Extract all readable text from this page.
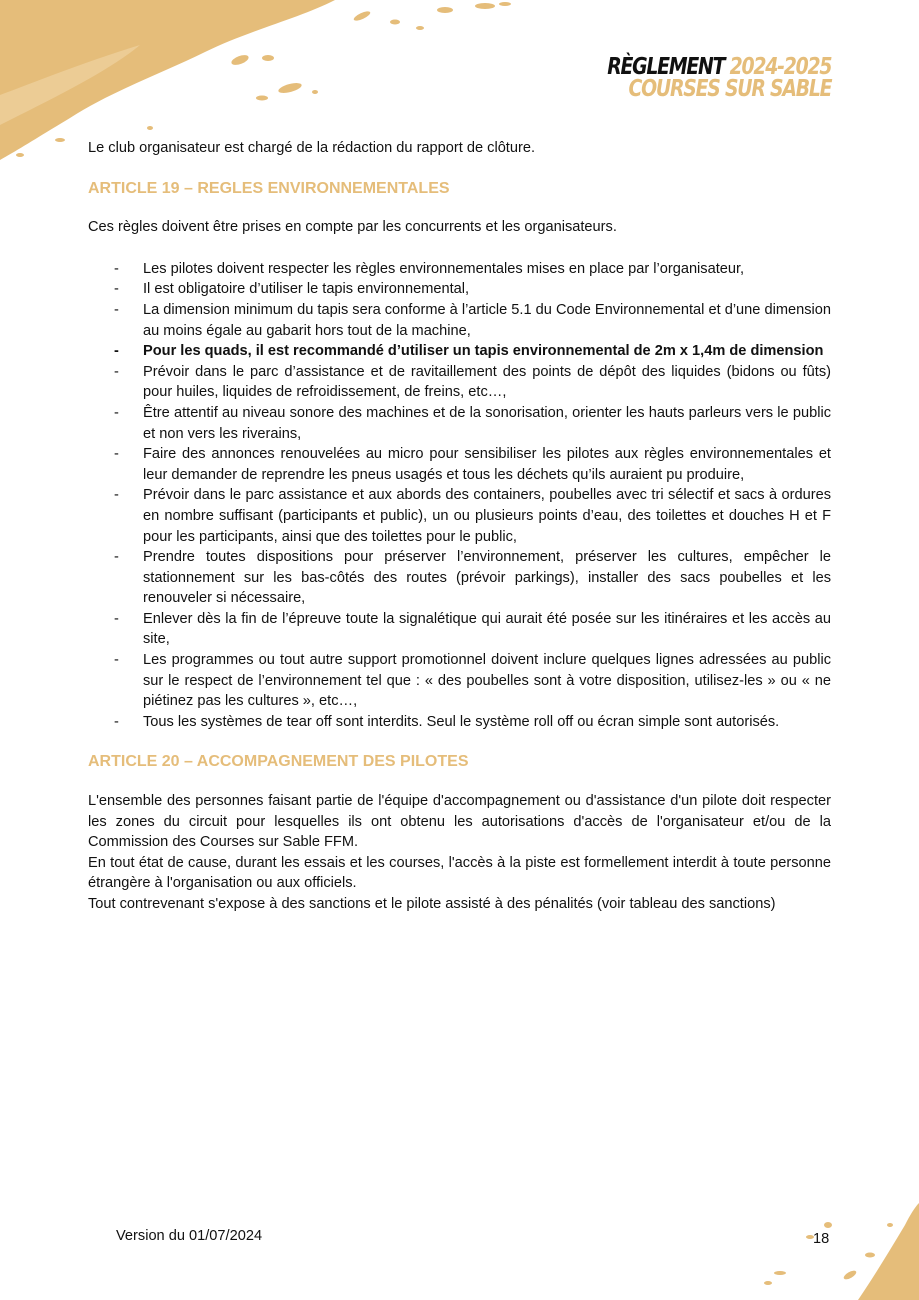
RÈGLEMENT 2024-2025
COURSES SUR SABLE

Le club organisateur est chargé de la rédaction du rapport de clôture.

ARTICLE 19 – REGLES ENVIRONNEMENTALES

Ces règles doivent être prises en compte par les concurrents et les organisateurs.

- Les pilotes doivent respecter les règles environnementales mises en place par l’organisateur,
- Il est obligatoire d’utiliser le tapis environnemental,
- La dimension minimum du tapis sera conforme à l’article 5.1 du Code Environnemental et d’une dimension au moins égale au gabarit hors tout de la machine,
- Pour les quads, il est recommandé d’utiliser un tapis environnemental de 2m x 1,4m de dimension
- Prévoir dans le parc d’assistance et de ravitaillement des points de dépôt des liquides (bidons ou fûts) pour huiles, liquides de refroidissement, de freins, etc…,
- Être attentif au niveau sonore des machines et de la sonorisation, orienter les hauts parleurs vers le public et non vers les riverains,
- Faire des annonces renouvelées au micro pour sensibiliser les pilotes aux règles environnementales et leur demander de reprendre les pneus usagés et tous les déchets qu’ils auraient pu produire,
- Prévoir dans le parc assistance et aux abords des containers, poubelles avec tri sélectif et sacs à ordures en nombre suffisant (participants et public), un ou plusieurs points d’eau, des toilettes et douches H et F pour les participants, ainsi que des toilettes pour le public,
- Prendre toutes dispositions pour préserver l’environnement, préserver les cultures, empêcher le stationnement sur les bas-côtés des routes (prévoir parkings), installer des sacs poubelles et les renouveler si nécessaire,
- Enlever dès la fin de l’épreuve toute la signalétique qui aurait été posée sur les itinéraires et les accès au site,
- Les programmes ou tout autre support promotionnel doivent inclure quelques lignes adressées au public sur le respect de l’environnement tel que : « des poubelles sont à votre disposition, utilisez-les » ou « ne piétinez pas les cultures », etc…,
- Tous les systèmes de tear off sont interdits. Seul le système roll off ou écran simple sont autorisés.
ARTICLE 20 – ACCOMPAGNEMENT DES PILOTES

L'ensemble des personnes faisant partie de l'équipe d'accompagnement ou d'assistance d'un pilote doit respecter les zones du circuit pour lesquelles ils ont obtenu les autorisations d'accès de l'organisateur et/ou de la Commission des Courses sur Sable FFM.

En tout état de cause, durant les essais et les courses, l'accès à la piste est formellement interdit à toute personne étrangère à l'organisation ou aux officiels.

Tout contrevenant s'expose à des sanctions et le pilote assisté à des pénalités (voir tableau des sanctions)

Version du 01/07/2024	18
